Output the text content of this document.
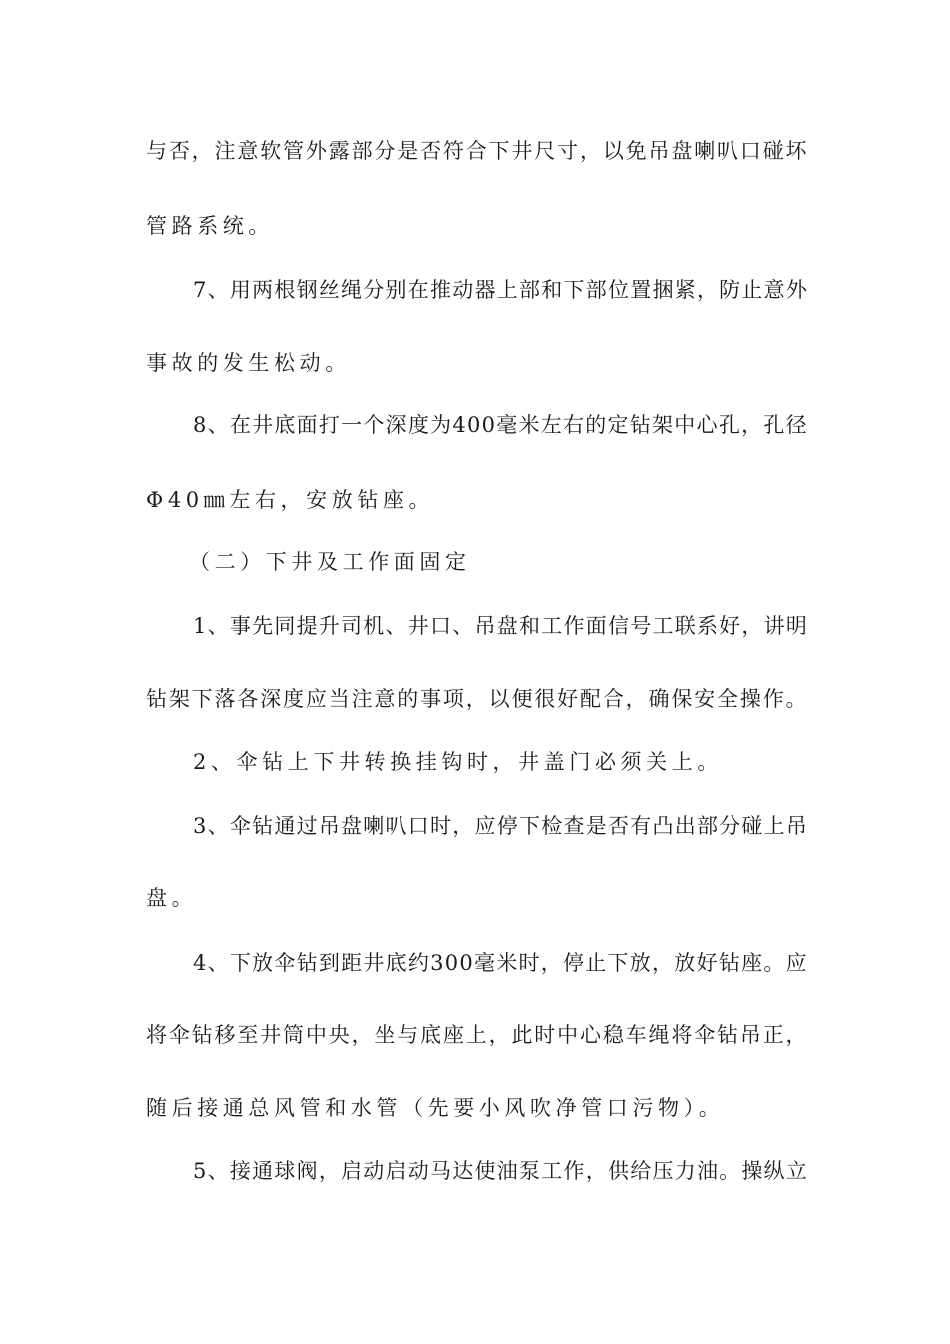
与否，注意软管外露部分是否符合下井尺寸，以免吊盘喇叭口碰坏
管路系统。
7、用两根钢丝绳分别在推动器上部和下部位置捆紧，防止意外
事故的发生松动。
8、在井底面打一个深度为400毫米左右的定钻架中心孔，孔径
Φ40㎜左右，安放钻座。
（二）下井及工作面固定
1、事先同提升司机、井口、吊盘和工作面信号工联系好，讲明
钻架下落各深度应当注意的事项，以便很好配合，确保安全操作。
2、伞钻上下井转换挂钩时，井盖门必须关上。
3、伞钻通过吊盘喇叭口时，应停下检查是否有凸出部分碰上吊
盘。
4、下放伞钻到距井底约300毫米时，停止下放，放好钻座。应
将伞钻移至井筒中央，坐与底座上，此时中心稳车绳将伞钻吊正，
随后接通总风管和水管（先要小风吹净管口污物）。
5、接通球阀，启动启动马达使油泵工作，供给压力油。操纵立
